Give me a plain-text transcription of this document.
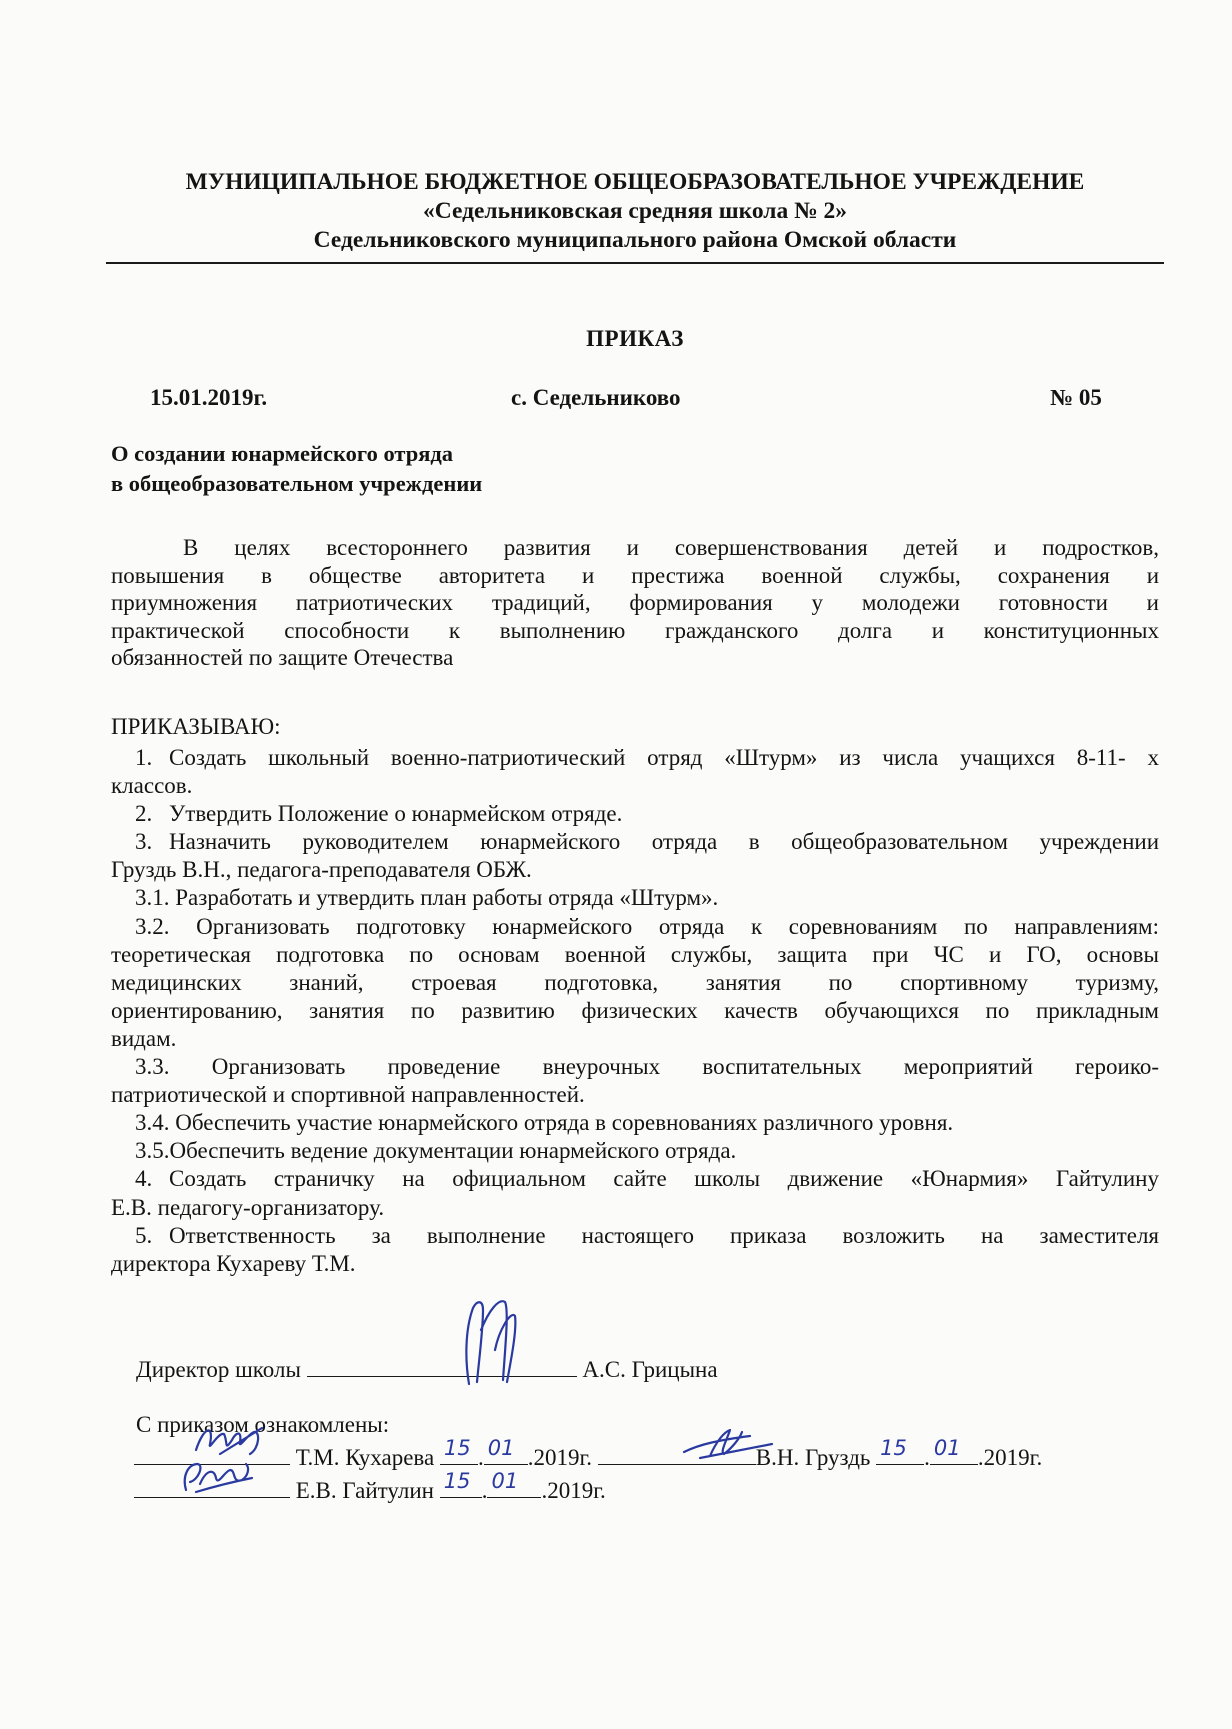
МУНИЦИПАЛЬНОЕ БЮДЖЕТНОЕ ОБЩЕОБРАЗОВАТЕЛЬНОЕ УЧРЕЖДЕНИЕ
«Седельниковская средняя школа № 2»
Седельниковского муниципального района Омской области
ПРИКАЗ
15.01.2019г.	с. Седельниково	№ 05
О создании юнармейского отряда
в общеобразовательном учреждении
В целях всестороннего развития и совершенствования детей и подростков,
повышения в обществе авторитета и престижа военной службы, сохранения и
приумножения патриотических традиций, формирования у молодежи готовности и
практической способности к выполнению гражданского долга и конституционных
обязанностей по защите Отечества
ПРИКАЗЫВАЮ:
1. Создать школьный военно-патриотический отряд «Штурм» из числа учащихся 8-11- х
классов.
2. Утвердить Положение о юнармейском отряде.
3. Назначить руководителем юнармейского отряда в общеобразовательном учреждении
Груздь В.Н., педагога-преподавателя ОБЖ.
3.1. Разработать и утвердить план работы отряда «Штурм».
3.2. Организовать подготовку юнармейского отряда к соревнованиям по направлениям:
теоретическая подготовка по основам военной службы, защита при ЧС и ГО, основы
медицинских знаний, строевая подготовка, занятия по спортивному туризму,
ориентированию, занятия по развитию физических качеств обучающихся по прикладным
видам.
3.3. Организовать проведение внеурочных воспитательных мероприятий героико-
патриотической и спортивной направленностей.
3.4. Обеспечить участие юнармейского отряда в соревнованиях различного уровня.
3.5.Обеспечить ведение документации юнармейского отряда.
4. Создать страничку на официальном сайте школы движение «Юнармия» Гайтулину
Е.В. педагогу-организатору.
5. Ответственность за выполнение настоящего приказа возложить на заместителя
директора Кухареву Т.М.
Директор школы	А.С. Грицына
С приказом ознакомлены:
Т.М. Кухарева 15 . 01 .2019г.	В.Н. Груздь 15 . 01 .2019г.
Е.В. Гайтулин 15 . 01 .2019г.
